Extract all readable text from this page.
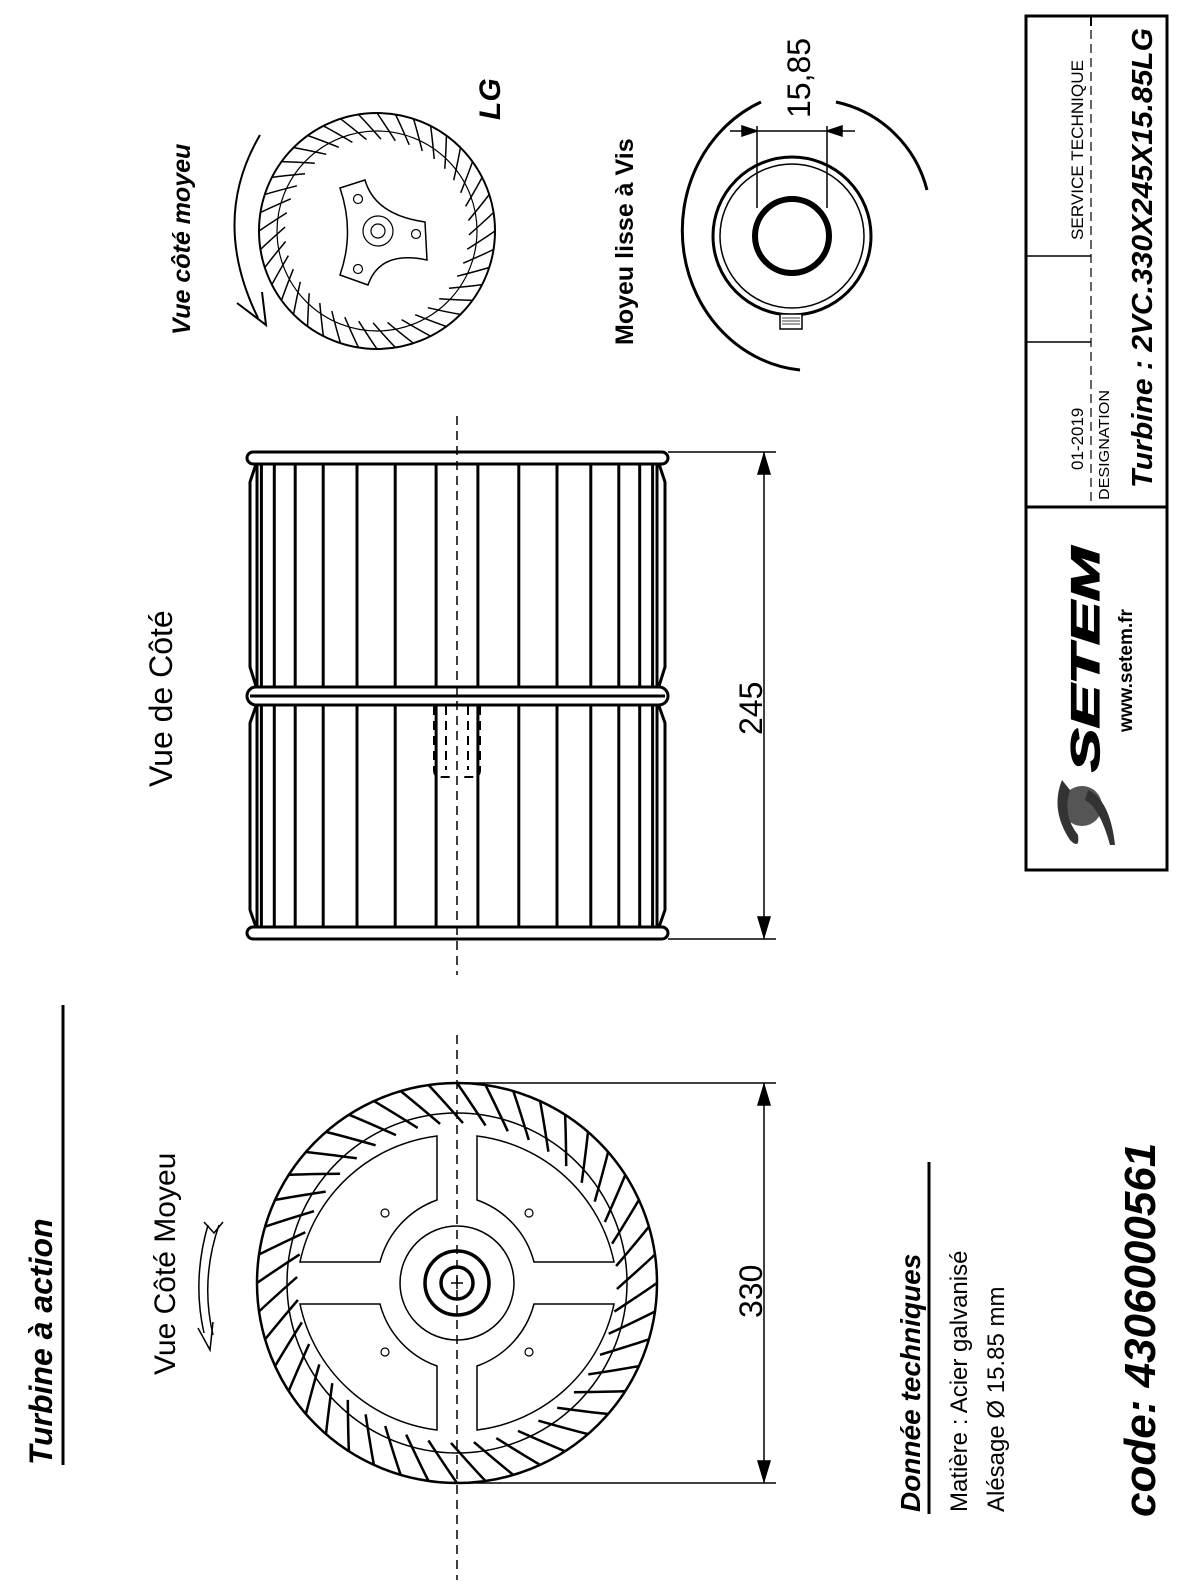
Turbine à action	Vue Côté Moyeu	330
Vue de Côté	245
Vue côté moyeu
LG
Moyeu lisse à Vis
15,85
Donnée techniques Matière : Acier galvanisé Alésage Ø 15.85 mm code: 4306000561
SERVICE TECHNIQUE
01-2019 DESIGNATION Turbine : 2VC.330X245X15.85LG
SETEM www.setem.fr
